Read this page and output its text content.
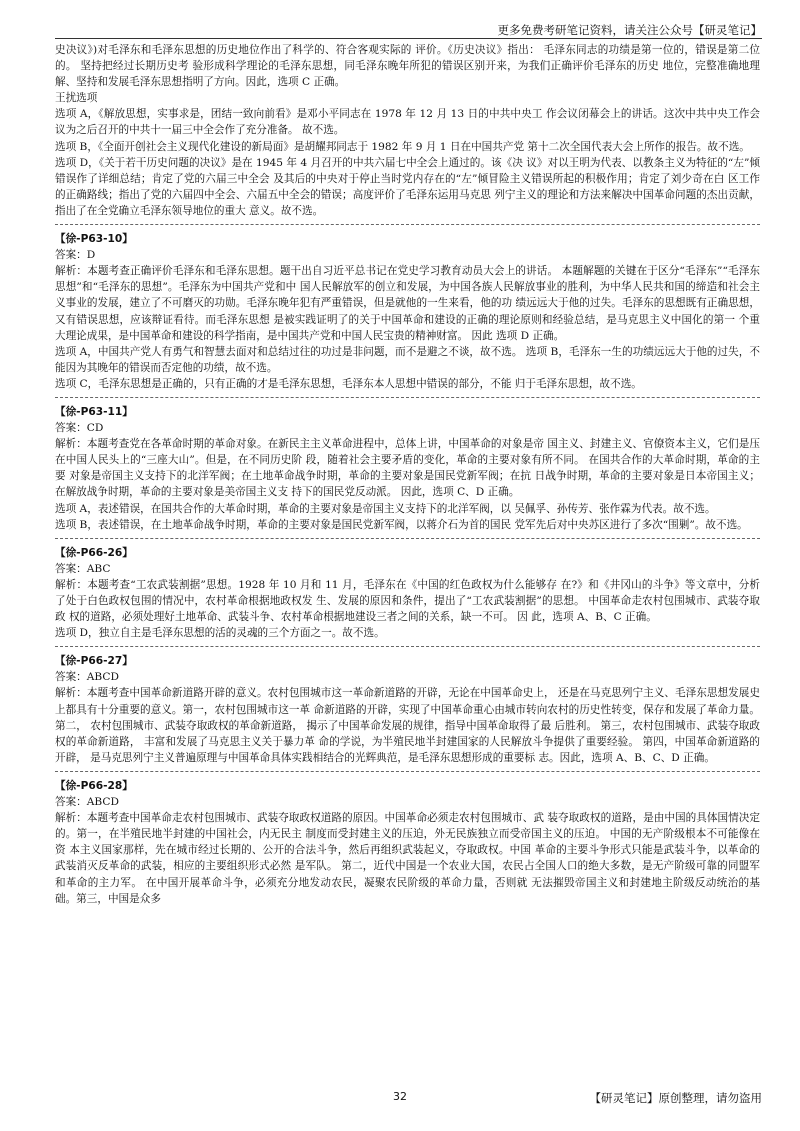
更多免费考研笔记资料，请关注公众号【研灵笔记】

史决议》)对毛泽东和毛泽东思想的历史地位作出了科学的、符合客观实际的 评价。《历史决议》指出： 毛泽东同志的功绩是第一位的，错误是第二位的。 坚持把经过长期历史考 验形成科学理论的毛泽东思想，同毛泽东晚年所犯的错误区别开来，为我们正确评价毛泽东的历史 地位，完整准确地理解、坚持和发展毛泽东思想指明了方向。因此，选项 C 正确。

王扰选项

选项 A，《解放思想，实事求是，团结一致向前看》是邓小平同志在 1978 年 12 月 13 日的中共中央工 作会议闭幕会上的讲话。这次中共中央工作会议为之后召开的中共十一届三中全会作了充分准备。 故不选。

选项 B，《全面开创社会主义现代化建设的新局面》是胡耀邦同志于 1982 年 9 月 1 日在中国共产党 第十二次全国代表大会上所作的报告。故不选。

选项 D，《关于若干历史问题的决议》是在 1945 年 4 月召开的中共六届七中全会上通过的。该《决 议》对以王明为代表、以教条主义为特征的“左”倾错误作了详细总结；肯定了党的六届三中全会 及其后的中央对于停止当时党内存在的“左”倾冒险主义错误所起的积极作用；肯定了刘少奇在白 区工作的正确路线；指出了党的六届四中全会、六届五中全会的错误；高度评价了毛泽东运用马克思 列宁主义的理论和方法来解决中国革命问题的杰出贡献，指出了在全党确立毛泽东领导地位的重大 意义。故不选。

【徐-P63-10】

答案：D

解析：本题考查正确评价毛泽东和毛泽东思想。题干出自习近平总书记在党史学习教育动员大会上的讲话。 本题解题的关键在于区分“毛泽东”“毛泽东思想”和“毛泽东的思想”。毛泽东为中国共产党和中 国人民解放军的创立和发展，为中国各族人民解放事业的胜利，为中华人民共和国的缔造和社会主 义事业的发展，建立了不可磨灭的功勋。毛泽东晚年犯有严重错误，但是就他的一生来看，他的功 绩远远大于他的过失。毛泽东的思想既有正确思想，又有错误思想，应该辩证看待。而毛泽东思想 是被实践证明了的关于中国革命和建设的正确的理论原则和经验总结，是马克思主义中国化的第一 个重大理论成果，是中国革命和建设的科学指南，是中国共产党和中国人民宝贵的精神财富。 因此 选项 D 正确。

选项 A，中国共产党人有勇气和智慧去面对和总结过往的功过是非问题，而不是避之不谈，故不选。 选项 B，毛泽东一生的功绩远远大于他的过失，不能因为其晚年的错误而否定他的功绩，故不选。

选项 C，毛泽东思想是正确的，只有正确的才是毛泽东思想，毛泽东本人思想中错误的部分，不能 归于毛泽东思想，故不选。

【徐-P63-11】

答案：CD

解析：本题考查党在各革命时期的革命对象。在新民主主义革命进程中，总体上讲，中国革命的对象是帝 国主义、封建主义、官僚资本主义，它们是压在中国人民头上的“三座大山”。但是，在不同历史阶 段，随着社会主要矛盾的变化，革命的主要对象有所不同。 在国共合作的大革命时期，革命的主要 对象是帝国主义支持下的北洋军阀；在土地革命战争时期，革命的主要对象是国民党新军阀；在抗 日战争时期，革命的主要对象是日本帝国主义；在解放战争时期，革命的主要对象是美帝国主义支 持下的国民党反动派。 因此，选项 C、D 正确。

选项 A，表述错误，在国共合作的大革命时期，革命的主要对象是帝国主义支持下的北洋军阀，以 吴佩孚、孙传芳、张作霖为代表。故不选。

选项 B，表述错误，在土地革命战争时期，革命的主要对象是国民党新军阀，以蒋介石为首的国民 党军先后对中央苏区进行了多次“围剿”。故不选。

【徐-P66-26】

答案：ABC

解析：本题考查“工农武装割据”思想。1928 年 10 月和 11 月，毛泽东在《中国的红色政权为什么能够存 在?》和《井冈山的斗争》等文章中，分析了处于白色政权包围的情况中，农村革命根据地政权发 生、发展的原因和条件，提出了“工农武装割据”的思想。 中国革命走农村包围城市、武装夺取政 权的道路，必须处理好土地革命、武装斗争、农村革命根据地建设三者之间的关系，缺一不可。 因 此，选项 A、B、C 正确。

选项 D，独立自主是毛泽东思想的活的灵魂的三个方面之一。故不选。

【徐-P66-27】

答案：ABCD

解析：本题考查中国革命新道路开辟的意义。农村包围城市这一革命新道路的开辟，无论在中国革命史上， 还是在马克思列宁主义、毛泽东思想发展史上都具有十分重要的意义。第一，农村包围城市这一革 命新道路的开辟，实现了中国革命重心由城市转向农村的历史性转变，保存和发展了革命力量。第二， 农村包围城市、武装夺取政权的革命新道路， 揭示了中国革命发展的规律，指导中国革命取得了最 后胜利。 第三，农村包围城市、武装夺取政权的革命新道路， 丰富和发展了马克思主义关于暴力革 命的学说，为半殖民地半封建国家的人民解放斗争提供了重要经验。 第四，中国革命新道路的开辟， 是马克思列宁主义普遍原理与中国革命具体实践相结合的光辉典范，是毛泽东思想形成的重要标 志。因此，选项 A、B、C、D 正确。

【徐-P66-28】

答案：ABCD

解析：本题考查中国革命走农村包围城市、武装夺取政权道路的原因。中国革命必须走农村包围城市、武 装夺取政权的道路，是由中国的具体国情决定的。第一，在半殖民地半封建的中国社会，内无民主 制度而受封建主义的压迫，外无民族独立而受帝国主义的压迫。 中国的无产阶级根本不可能像在资 本主义国家那样，先在城市经过长期的、公开的合法斗争，然后再组织武装起义，夺取政权。中国 革命的主要斗争形式只能是武装斗争，以革命的武装消灭反革命的武装，相应的主要组织形式必然 是军队。 第二，近代中国是一个农业大国，农民占全国人口的绝大多数，是无产阶级可靠的同盟军 和革命的主力军。 在中国开展革命斗争，必须充分地发动农民，凝聚农民阶级的革命力量，否则就 无法摧毁帝国主义和封建地主阶级反动统治的基础。第三，中国是众多

32	【研灵笔记】原创整理，请勿盗用
